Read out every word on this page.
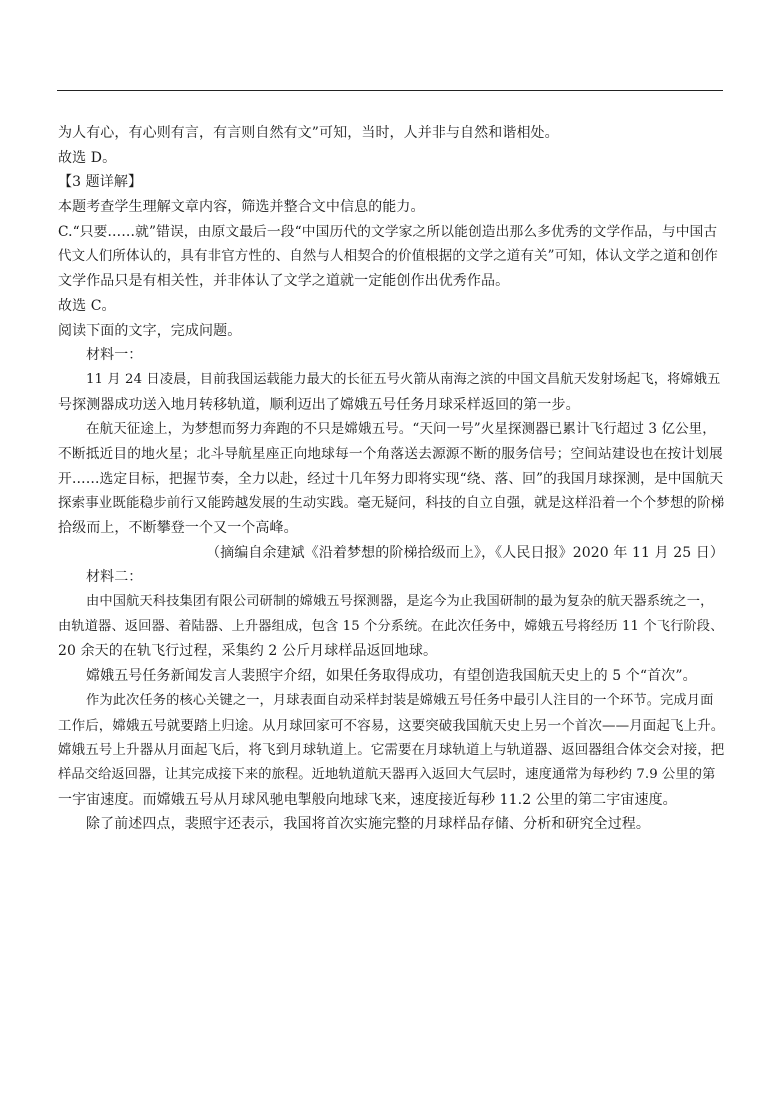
为人有心，有心则有言，有言则自然有文”可知，当时，人并非与自然和谐相处。
故选 D。
【3 题详解】
本题考查学生理解文章内容，筛选并整合文中信息的能力。
C.“只要……就”错误，由原文最后一段“中国历代的文学家之所以能创造出那么多优秀的文学作品，与中国古
代文人们所体认的，具有非官方性的、自然与人相契合的价值根据的文学之道有关”可知，体认文学之道和创作
文学作品只是有相关性，并非体认了文学之道就一定能创作出优秀作品。
故选 C。
阅读下面的文字，完成问题。
材料一：
11 月 24 日凌晨，目前我国运载能力最大的长征五号火箭从南海之滨的中国文昌航天发射场起飞，将嫦娥五
号探测器成功送入地月转移轨道，顺利迈出了嫦娥五号任务月球采样返回的第一步。
在航天征途上，为梦想而努力奔跑的不只是嫦娥五号。“天问一号”火星探测器已累计飞行超过 3 亿公里，
不断抵近目的地火星；北斗导航星座正向地球每一个角落送去源源不断的服务信号；空间站建设也在按计划展
开……选定目标，把握节奏，全力以赴，经过十几年努力即将实现“绕、落、回”的我国月球探测，是中国航天
探索事业既能稳步前行又能跨越发展的生动实践。毫无疑问，科技的自立自强，就是这样沿着一个个梦想的阶梯
拾级而上，不断攀登一个又一个高峰。
（摘编自余建斌《沿着梦想的阶梯拾级而上》，《人民日报》2020 年 11 月 25 日）
材料二：
由中国航天科技集团有限公司研制的嫦娥五号探测器，是迄今为止我国研制的最为复杂的航天器系统之一，
由轨道器、返回器、着陆器、上升器组成，包含 15 个分系统。在此次任务中，嫦娥五号将经历 11 个飞行阶段、
20 余天的在轨飞行过程，采集约 2 公斤月球样品返回地球。
嫦娥五号任务新闻发言人裴照宇介绍，如果任务取得成功，有望创造我国航天史上的 5 个“首次”。
作为此次任务的核心关键之一，月球表面自动采样封装是嫦娥五号任务中最引人注目的一个环节。完成月面
工作后，嫦娥五号就要踏上归途。从月球回家可不容易，这要突破我国航天史上另一个首次——月面起飞上升。
嫦娥五号上升器从月面起飞后，将飞到月球轨道上。它需要在月球轨道上与轨道器、返回器组合体交会对接，把
样品交给返回器，让其完成接下来的旅程。近地轨道航天器再入返回大气层时，速度通常为每秒约 7.9 公里的第
一宇宙速度。而嫦娥五号从月球风驰电掣般向地球飞来，速度接近每秒 11.2 公里的第二宇宙速度。
除了前述四点，裴照宇还表示，我国将首次实施完整的月球样品存储、分析和研究全过程。
